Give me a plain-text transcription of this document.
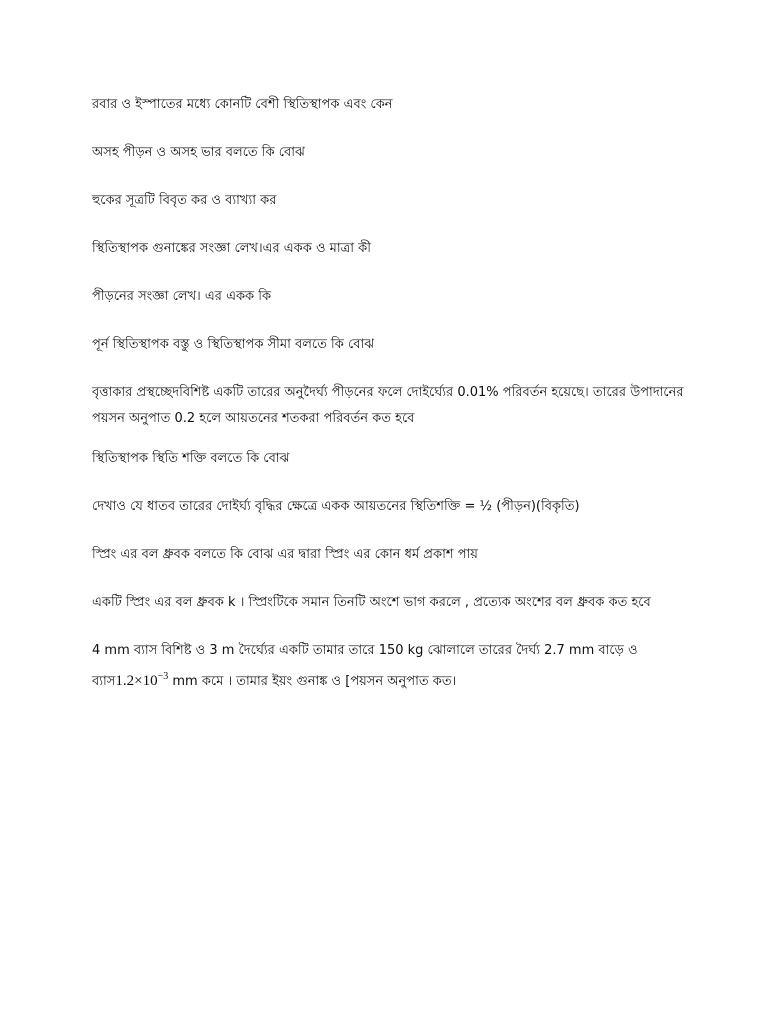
রবার ও ইস্পাতের মধ্যে কোনটি বেশী স্থিতিস্থাপক এবং কেন

অসহ পীড়ন ও অসহ ভার বলতে কি বোঝ

হুকের সূত্রটি বিবৃত কর ও ব্যাখ্যা কর

স্থিতিস্থাপক গুনাঙ্কের সংজ্ঞা লেখ।এর একক ও মাত্রা কী

পীড়নের সংজ্ঞা লেখ। এর একক কি

পূর্ন স্থিতিস্থাপক বস্তু ও স্থিতিস্থাপক সীমা বলতে কি বোঝ

বৃত্তাকার প্রস্থচ্ছেদবিশিষ্ট একটি তারের অনুদৈর্ঘ্য পীড়নের ফলে দোইর্ঘ্যের 0.01% পরিবর্তন হয়েছে। তারের উপাদানের পয়সন অনুপাত 0.2 হলে আয়তনের শতকরা পরিবর্তন কত হবে

স্থিতিস্থাপক স্থিতি শক্তি বলতে কি বোঝ

দেখাও যে ধাতব তারের দোইর্ঘ্য বৃদ্ধির ক্ষেত্রে একক আয়তনের স্থিতিশক্তি = ½ (পীড়ন)(বিকৃতি)

স্প্রিং এর বল ধ্রুবক বলতে কি বোঝ এর দ্বারা স্প্রিং এর কোন ধর্ম প্রকাশ পায়

একটি স্প্রিং এর বল ধ্রুবক k । স্প্রিংটিকে সমান তিনটি অংশে ভাগ করলে , প্রত্যেক অংশের বল ধ্রুবক কত হবে

4 mm ব্যাস বিশিষ্ট ও 3 m দৈর্ঘ্যের একটি তামার তারে 150 kg ঝোলালে তারের দৈর্ঘ্য 2.7 mm বাড়ে ও $ব্যাস1.2\times 10^{-3}$ mm কমে । তামার ইয়ং গুনাঙ্ক ও [পয়সন অনুপাত কত।
